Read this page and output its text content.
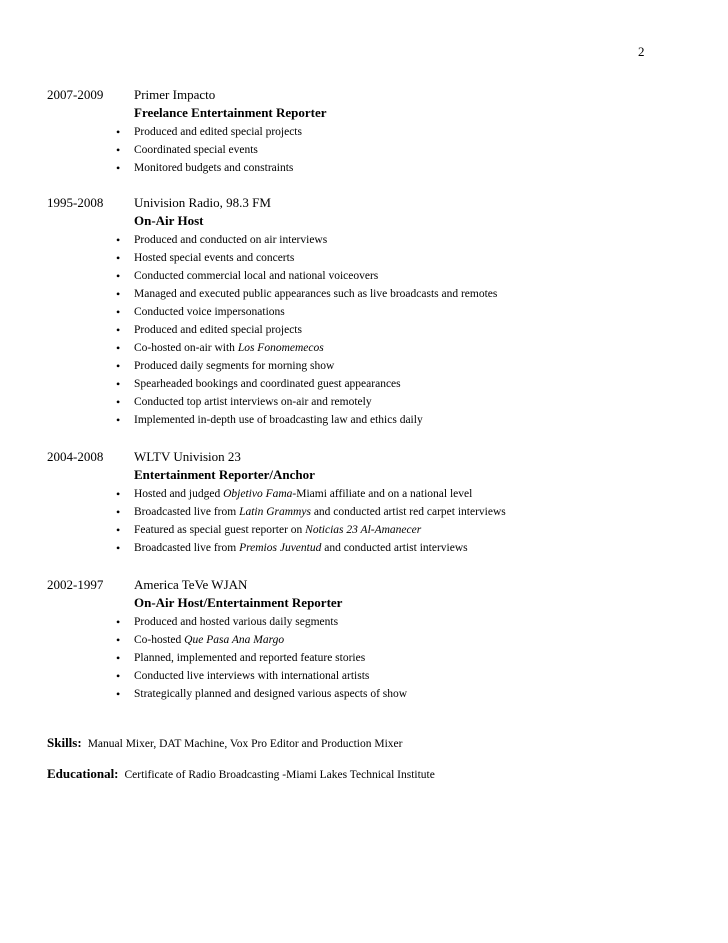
2
2007-2009 Primer Impacto
Freelance Entertainment Reporter
• Produced and edited special projects
• Coordinated special events
• Monitored budgets and constraints
1995-2008 Univision Radio, 98.3 FM
On-Air Host
• Produced and conducted on air interviews
• Hosted special events and concerts
• Conducted commercial local and national voiceovers
• Managed and executed public appearances such as live broadcasts and remotes
• Conducted voice impersonations
• Produced and edited special projects
• Co-hosted on-air with Los Fonomemecos
• Produced daily segments for morning show
• Spearheaded bookings and coordinated guest appearances
• Conducted top artist interviews on-air and remotely
• Implemented in-depth use of broadcasting law and ethics daily
2004-2008 WLTV Univision 23
Entertainment Reporter/Anchor
• Hosted and judged Objetivo Fama-Miami affiliate and on a national level
• Broadcasted live from Latin Grammys and conducted artist red carpet interviews
• Featured as special guest reporter on Noticias 23 Al-Amanecer
• Broadcasted live from Premios Juventud and conducted artist interviews
2002-1997 America TeVe WJAN
On-Air Host/Entertainment Reporter
• Produced and hosted various daily segments
• Co-hosted Que Pasa Ana Margo
• Planned, implemented and reported feature stories
• Conducted live interviews with international artists
• Strategically planned and designed various aspects of show
Skills: Manual Mixer, DAT Machine, Vox Pro Editor and Production Mixer
Educational: Certificate of Radio Broadcasting -Miami Lakes Technical Institute
